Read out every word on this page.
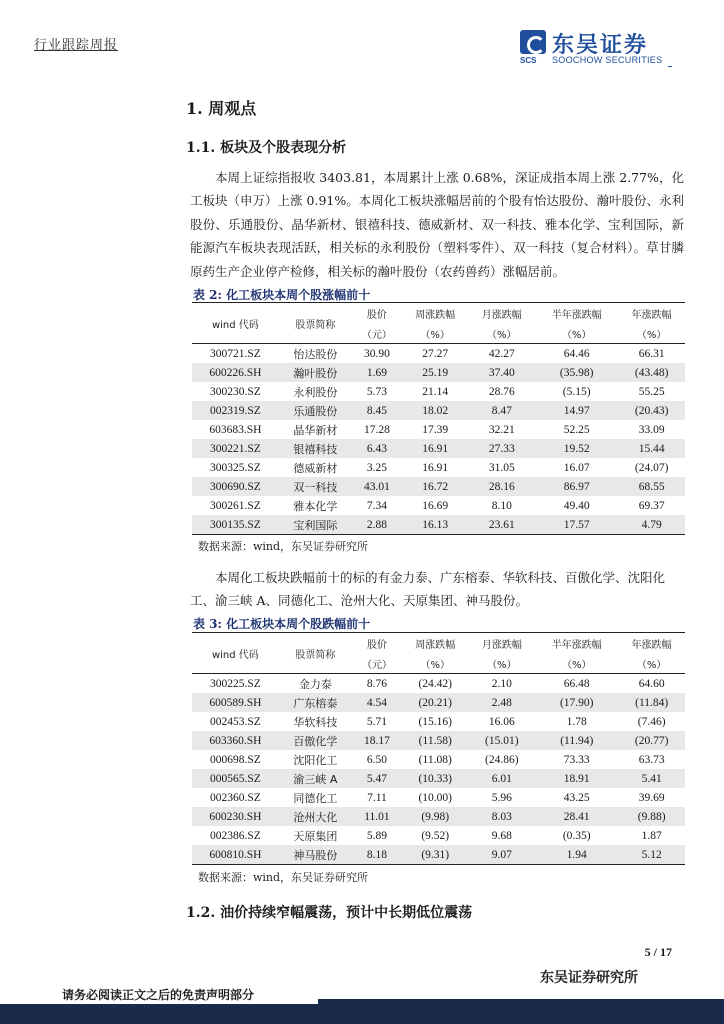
行业跟踪周报	东吴证券
SOOCHOW SECURITIES
SCS
1. 周观点
1.1. 板块及个股表现分析
本周上证综指报收 3403.81，本周累计上涨 0.68%，深证成指本周上涨 2.77%，化工板块（申万）上涨 0.91%。本周化工板块涨幅居前的个股有怡达股份、瀚叶股份、永利股份、乐通股份、晶华新材、银禧科技、德威新材、双一科技、雅本化学、宝利国际，新能源汽车板块表现活跃，相关标的永利股份（塑料零件）、双一科技（复合材料）。草甘膦原药生产企业停产检修，相关标的瀚叶股份（农药兽药）涨幅居前。
表 2: 化工板块本周个股涨幅前十
wind 代码	股票简称	股价	周涨跌幅	月涨跌幅	半年涨跌幅	年涨跌幅
		（元）	（%）	（%）	（%）	（%）
300721.SZ	怡达股份	30.90	27.27	42.27	64.46	66.31
600226.SH	瀚叶股份	1.69	25.19	37.40	(35.98)	(43.48)
300230.SZ	永利股份	5.73	21.14	28.76	(5.15)	55.25
002319.SZ	乐通股份	8.45	18.02	8.47	14.97	(20.43)
603683.SH	晶华新材	17.28	17.39	32.21	52.25	33.09
300221.SZ	银禧科技	6.43	16.91	27.33	19.52	15.44
300325.SZ	德威新材	3.25	16.91	31.05	16.07	(24.07)
300690.SZ	双一科技	43.01	16.72	28.16	86.97	68.55
300261.SZ	雅本化学	7.34	16.69	8.10	49.40	69.37
300135.SZ	宝利国际	2.88	16.13	23.61	17.57	4.79
数据来源：wind，东吴证券研究所
本周化工板块跌幅前十的标的有金力泰、广东榕泰、华软科技、百傲化学、沈阳化工、渝三峡 A、同德化工、沧州大化、天原集团、神马股份。
表 3: 化工板块本周个股跌幅前十
wind 代码	股票简称	股价	周涨跌幅	月涨跌幅	半年涨跌幅	年涨跌幅
		（元）	（%）	（%）	（%）	（%）
300225.SZ	金力泰	8.76	(24.42)	2.10	66.48	64.60
600589.SH	广东榕泰	4.54	(20.21)	2.48	(17.90)	(11.84)
002453.SZ	华软科技	5.71	(15.16)	16.06	1.78	(7.46)
603360.SH	百傲化学	18.17	(11.58)	(15.01)	(11.94)	(20.77)
000698.SZ	沈阳化工	6.50	(11.08)	(24.86)	73.33	63.73
000565.SZ	渝三峡 A	5.47	(10.33)	6.01	18.91	5.41
002360.SZ	同德化工	7.11	(10.00)	5.96	43.25	39.69
600230.SH	沧州大化	11.01	(9.98)	8.03	28.41	(9.88)
002386.SZ	天原集团	5.89	(9.52)	9.68	(0.35)	1.87
600810.SH	神马股份	8.18	(9.31)	9.07	1.94	5.12
数据来源：wind，东吴证券研究所
1.2. 油价持续窄幅震荡，预计中长期低位震荡
5 / 17
东吴证券研究所
请务必阅读正文之后的免责声明部分
